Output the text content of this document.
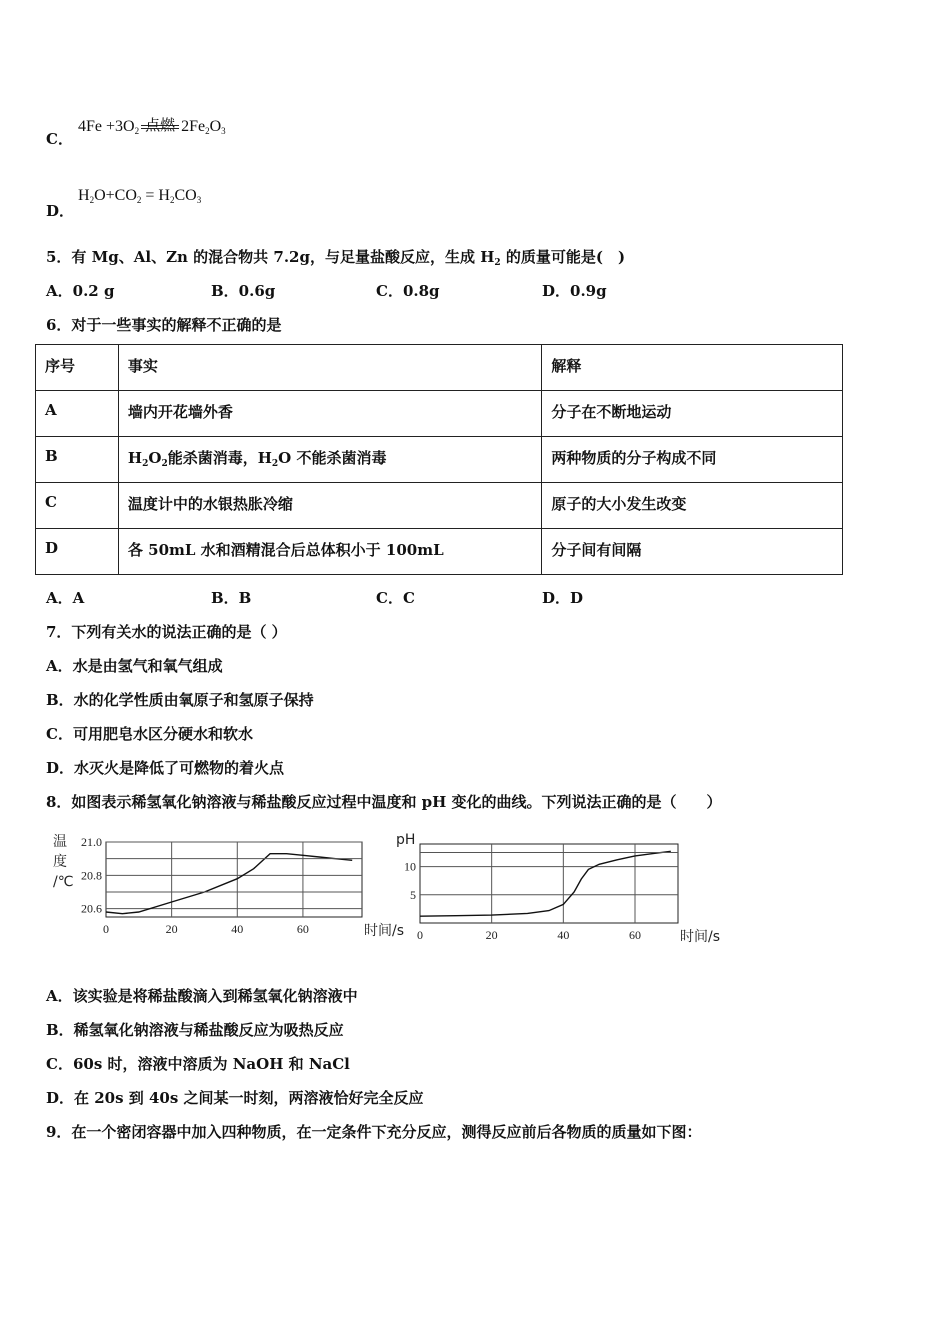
C．
$4Fe +3O_2$ 点燃 $2Fe_2O_3$
D．
$H_2O+CO_2 = H_2CO_3$
5．有 Mg、Al、Zn 的混合物共 7.2g，与足量盐酸反应，生成 $H_2$ 的质量可能是(　)
A．0.2 g	B．0.6g	C．0.8g	D．0.9g
6．对于一些事实的解释不正确的是
序号	事实	解释
A	墙内开花墙外香	分子在不断地运动
B	$H_2O_2$能杀菌消毒，$H_2O$ 不能杀菌消毒	两种物质的分子构成不同
C	温度计中的水银热胀冷缩	原子的大小发生改变
D	各 50mL 水和酒精混合后总体积小于 100mL	分子间有间隔
A．A	B．B	C．C	D．D
7．下列有关水的说法正确的是（ ）
A．水是由氢气和氧气组成
B．水的化学性质由氧原子和氢原子保持
C．可用肥皂水区分硬水和软水
D．水灭火是降低了可燃物的着火点
8．如图表示稀氢氧化钠溶液与稀盐酸反应过程中温度和 pH 变化的曲线。下列说法正确的是（　　）
0	20	40	60
20.6
20.8
21.0
时间/s
温
度
/℃
0	20	40	60
5
10
时间/s
pH
A．该实验是将稀盐酸滴入到稀氢氧化钠溶液中
B．稀氢氧化钠溶液与稀盐酸反应为吸热反应
C．60s 时，溶液中溶质为 NaOH 和 NaCl
D．在 20s 到 40s 之间某一时刻，两溶液恰好完全反应
9．在一个密闭容器中加入四种物质，在一定条件下充分反应，测得反应前后各物质的质量如下图：
